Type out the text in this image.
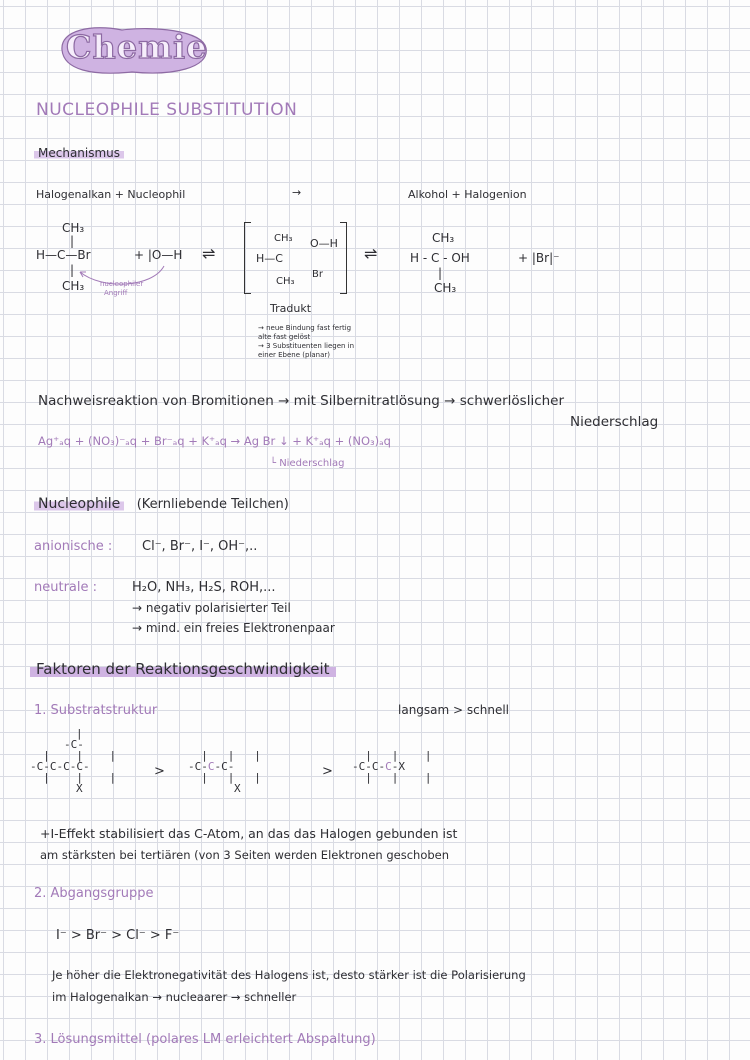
Chemie
NUCLEOPHILE SUBSTITUTION
Mechanismus
Halogenalkan + Nucleophil	→	Alkohol + Halogenion
CH₃
|
H—C—Br
|
CH₃ nucleophiler
Angriff
+ |O—H ⇌
CH₃ O—H
H—C
Br
CH₃
⇌
CH₃
H - C - OH
|
CH₃
+ |Br|⁻
Tradukt
→ neue Bindung fast fertig
alte fast gelöst
→ 3 Substituenten liegen in
einer Ebene (planar)
Nachweisreaktion von Bromitionen → mit Silbernitratlösung → schwerlöslicher
Niederschlag
Ag⁺ₐq + (NO₃)⁻ₐq + Br⁻ₐq + K⁺ₐq → Ag Br ↓ + K⁺ₐq + (NO₃)ₐq
└ Niederschlag
Nucleophile (Kernliebende Teilchen)
anionische : Cl⁻, Br⁻, I⁻, OH⁻,..
neutrale :	H₂O, NH₃, H₂S, ROH,...
→ negativ polarisierter Teil
→ mind. ein freies Elektronenpaar
Faktoren der Reaktionsgeschwindigkeit
1. Substratstruktur	langsam > schnell
|
-C-
|    |    |
-C-C-C-C-
|    |    |
X
>
|   |   |
-C-C-C-
|   |   |
X
>
|   |    |
-C-C-C-X
|   |    |
+I-Effekt stabilisiert das C-Atom, an das das Halogen gebunden ist
am stärksten bei tertiären (von 3 Seiten werden Elektronen geschoben
2. Abgangsgruppe
I⁻ > Br⁻ > Cl⁻ > F⁻
Je höher die Elektronegativität des Halogens ist, desto stärker ist die Polarisierung
im Halogenalkan → nucleaarer → schneller
3. Lösungsmittel (polares LM erleichtert Abspaltung)
